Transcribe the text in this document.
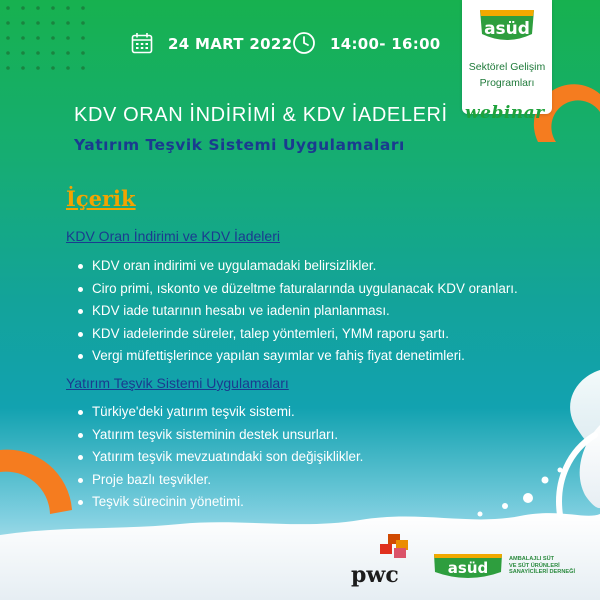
24 MART 2022	14:00- 16:00
asüd
Sektörel Gelişim
Programları
webinar
KDV ORAN İNDİRİMİ & KDV İADELERİ
Yatırım Teşvik Sistemi Uygulamaları
İçerik
KDV Oran İndirimi ve KDV İadeleri
KDV oran indirimi ve uygulamadaki belirsizlikler.
Ciro primi, ıskonto ve düzeltme faturalarında uygulanacak KDV oranları.
KDV iade tutarının hesabı ve iadenin planlanması.
KDV iadelerinde süreler, talep yöntemleri, YMM raporu şartı.
Vergi müfettişlerince yapılan sayımlar ve fahiş fiyat denetimleri.
Yatırım Teşvik Sistemi Uygulamaları
Türkiye'deki yatırım teşvik sistemi.
Yatırım teşvik sisteminin destek unsurları.
Yatırım teşvik mevzuatındaki son değişiklikler.
Proje bazlı teşvikler.
Teşvik sürecinin yönetimi.
pwc	asüd	AMBALAJLI SÜT
VE SÜT ÜRÜNLERİ
SANAYİCİLERİ DERNEĞİ
